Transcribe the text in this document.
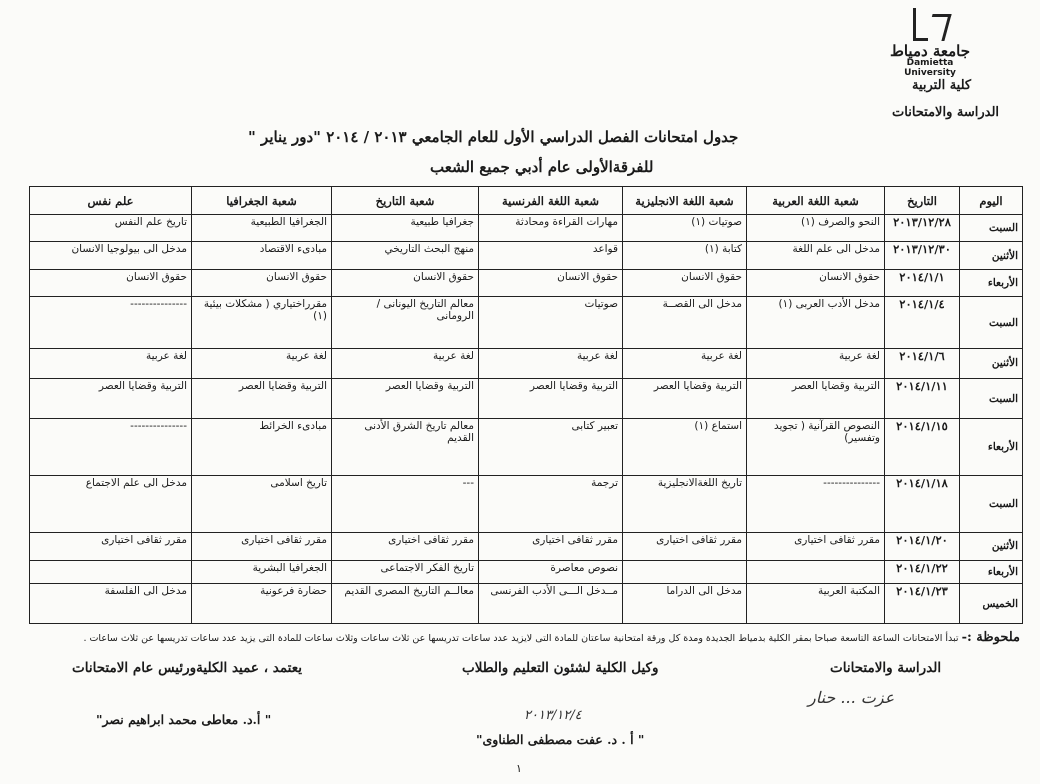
جامعة دمياط
Damietta University
كلية التربية
الدراسة والامتحانات
جدول امتحانات الفصل الدراسي الأول للعام الجامعي ٢٠١٣ / ٢٠١٤ "دور يناير "
للفرقةالأولى عام أدبي جميع الشعب
اليوم	التاريخ	شعبة اللغة العربية	شعبة اللغة الانجليزية	شعبة اللغة الفرنسية	شعبة التاريخ	شعبة الجغرافيا	علم نفس
السبت	٢٠١٣/١٢/٢٨	النحو والصرف (١)	صوتيات (١)	مهارات القراءة ومحادثة	جغرافيا طبيعية	الجغرافيا الطبيعية	تاريخ علم النفس
الأثنين	٢٠١٣/١٢/٣٠	مدخل الى علم اللغة	كتابة (١)	قواعد	منهج البحث التاريخي	مبادىء الاقتصاد	مدخل الى بيولوجيا الانسان
الأربعاء	٢٠١٤/١/١	حقوق الانسان	حقوق الانسان	حقوق الانسان	حقوق الانسان	حقوق الانسان	حقوق الانسان
السبت	٢٠١٤/١/٤	مدخل الأدب العربى (١)	مدخل الى القصــة	صوتيات	معالم التاريخ اليونانى / الرومانى	مقرراختياري ( مشكلات بيئية (١)	---------------
الأثنين	٢٠١٤/١/٦	لغة عربية	لغة عربية	لغة عربية	لغة عربية	لغة عربية	لغة عربية
السبت	٢٠١٤/١/١١	التربية وقضايا العصر	التربية وقضايا العصر	التربية وقضايا العصر	التربية وقضايا العصر	التربية وقضايا العصر	التربية وقضايا العصر
الأربعاء	٢٠١٤/١/١٥	النصوص القرآنية ( تجويد وتفسير)	استماع (١)	تعبير كتابى	معالم تاريخ الشرق الأدنى القديم	مبادىء الخرائط	---------------
السبت	٢٠١٤/١/١٨	---------------	تاريخ اللغةالانجليزية	ترجمة	---	تاريخ اسلامى	مدخل الى علم الاجتماع
الأثنين	٢٠١٤/١/٢٠	مقرر ثقافى اختيارى	مقرر ثقافى اختيارى	مقرر ثقافى اختيارى	مقرر ثقافى اختيارى	مقرر ثقافى اختيارى	مقرر ثقافى اختيارى
الأربعاء	٢٠١٤/١/٢٢			نصوص معاصرة	تاريخ الفكر الاجتماعى	الجغرافيا البشرية	
الخميس	٢٠١٤/١/٢٣	المكتبة العربية	مدخل الى الدراما	مــدخل الـــى الأدب الفرنسى	معالــم التاريخ المصرى القديم	حضارة فرعونية	مدخل الى الفلسفة
ملحوظة :- تبدأ الامتحانات الساعة التاسعة صباحا بمقر الكلية بدمياط الجديدة ومدة كل ورقة امتحانية ساعتان للمادة التى لايزيد عدد ساعات تدريسها عن ثلاث ساعات وثلاث ساعات للمادة التى يزيد عدد ساعات تدريسها عن ثلاث ساعات .
الدراسة والامتحانات
عزت ... حنار
وكيل الكلية لشئون التعليم والطلاب
٢٠١٣/١٢/٤
" أ . د. عفت مصطفى الطناوى"
يعتمد ، عميد الكليةورئيس عام الامتحانات
" أ.د. معاطى محمد ابراهيم نصر"
١
